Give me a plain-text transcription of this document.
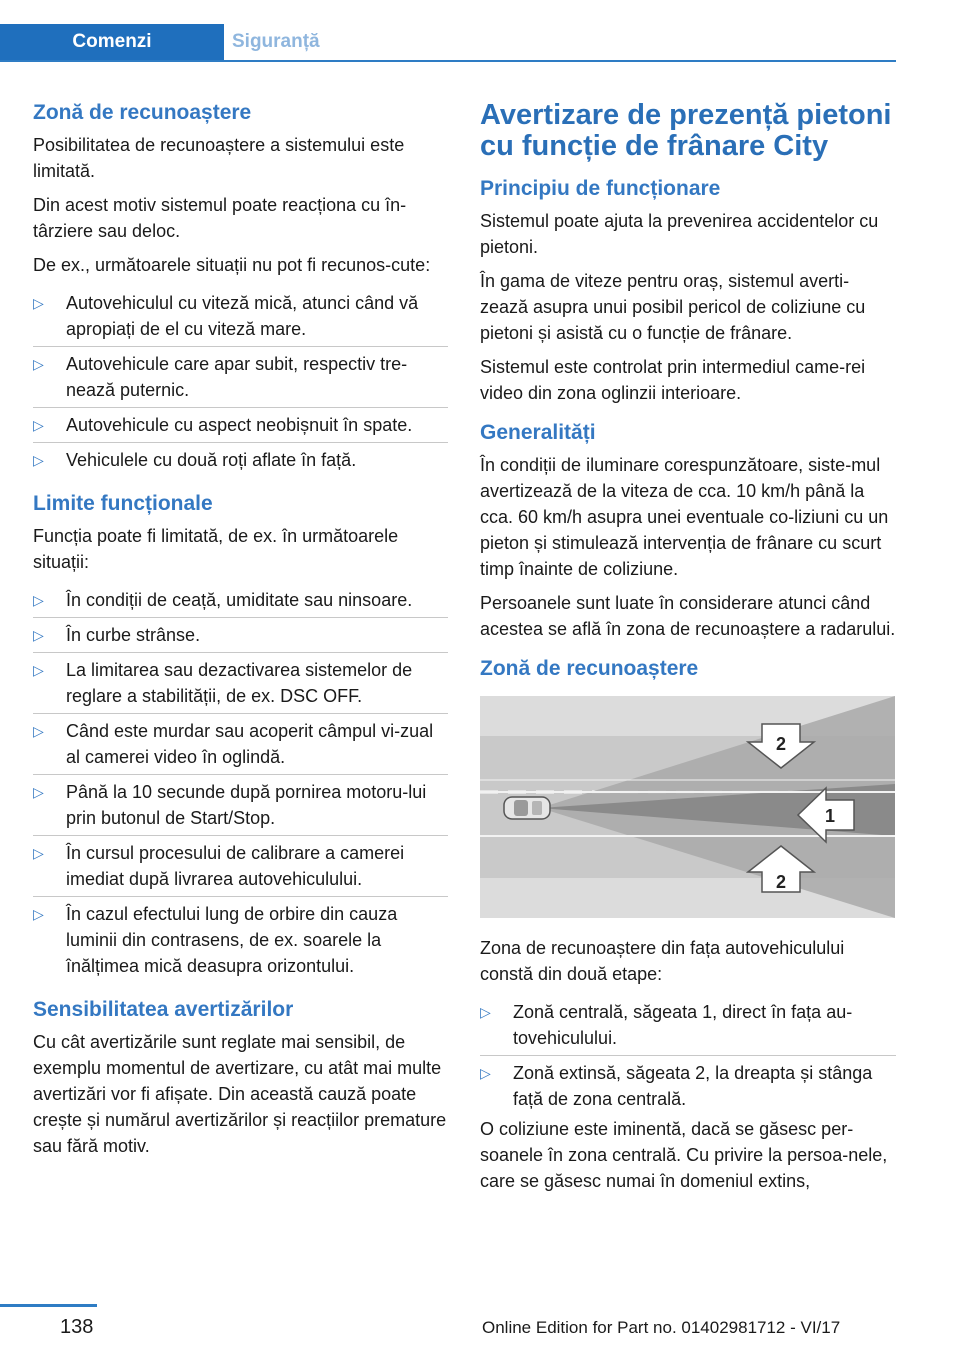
Comenzi	Siguranță
Zonă de recunoaștere

Posibilitatea de recunoaștere a sistemului este limitată.

Din acest motiv sistemul poate reacționa cu în‐târziere sau deloc.

De ex., următoarele situații nu pot fi recunos‐cute:

▷ Autovehiculul cu viteză mică, atunci când vă apropiați de el cu viteză mare.
▷ Autovehicule care apar subit, respectiv tre‐nează puternic.
▷ Autovehicule cu aspect neobișnuit în spate.
▷ Vehiculele cu două roți aflate în față.
Limite funcționale

Funcția poate fi limitată, de ex. în următoarele situații:

▷ În condiții de ceață, umiditate sau ninsoare.
▷ În curbe strânse.
▷ La limitarea sau dezactivarea sistemelor de reglare a stabilității, de ex. DSC OFF.
▷ Când este murdar sau acoperit câmpul vi‐zual al camerei video în oglindă.
▷ Până la 10 secunde după pornirea motoru‐lui prin butonul de Start/Stop.
▷ În cursul procesului de calibrare a camerei imediat după livrarea autovehiculului.
▷ În cazul efectului lung de orbire din cauza luminii din contrasens, de ex. soarele la înălțimea mică deasupra orizontului.
Sensibilitatea avertizărilor

Cu cât avertizările sunt reglate mai sensibil, de exemplu momentul de avertizare, cu atât mai multe avertizări vor fi afișate. Din această cauză poate crește și numărul avertizărilor și reacțiilor premature sau fără motiv.

Avertizare de prezență pietoni cu funcție de frânare City
Principiu de funcționare

Sistemul poate ajuta la prevenirea accidentelor cu pietoni.

În gama de viteze pentru oraș, sistemul averti‐zează asupra unui posibil pericol de coliziune cu pietoni și asistă cu o funcție de frânare.

Sistemul este controlat prin intermediul came‐rei video din zona oglinzii interioare.

Generalități

În condiții de iluminare corespunzătoare, siste‐mul avertizează de la viteza de cca. 10 km/h până la cca. 60 km/h asupra unei eventuale co‐liziuni cu un pieton și stimulează intervenția de frânare cu scurt timp înainte de coliziune.

Persoanele sunt luate în considerare atunci când acestea se află în zona de recunoaștere a radarului.

Zonă de recunoaștere
2
1
2

Zona de recunoaștere din fața autovehiculului constă din două etape:

▷ Zonă centrală, săgeata 1, direct în fața au‐tovehiculului.
▷ Zonă extinsă, săgeata 2, la dreapta și stânga față de zona centrală.

O coliziune este iminentă, dacă se găsesc per‐soanele în zona centrală. Cu privire la persoa‐nele, care se găsesc numai în domeniul extins,

138	Online Edition for Part no. 01402981712 - VI/17
